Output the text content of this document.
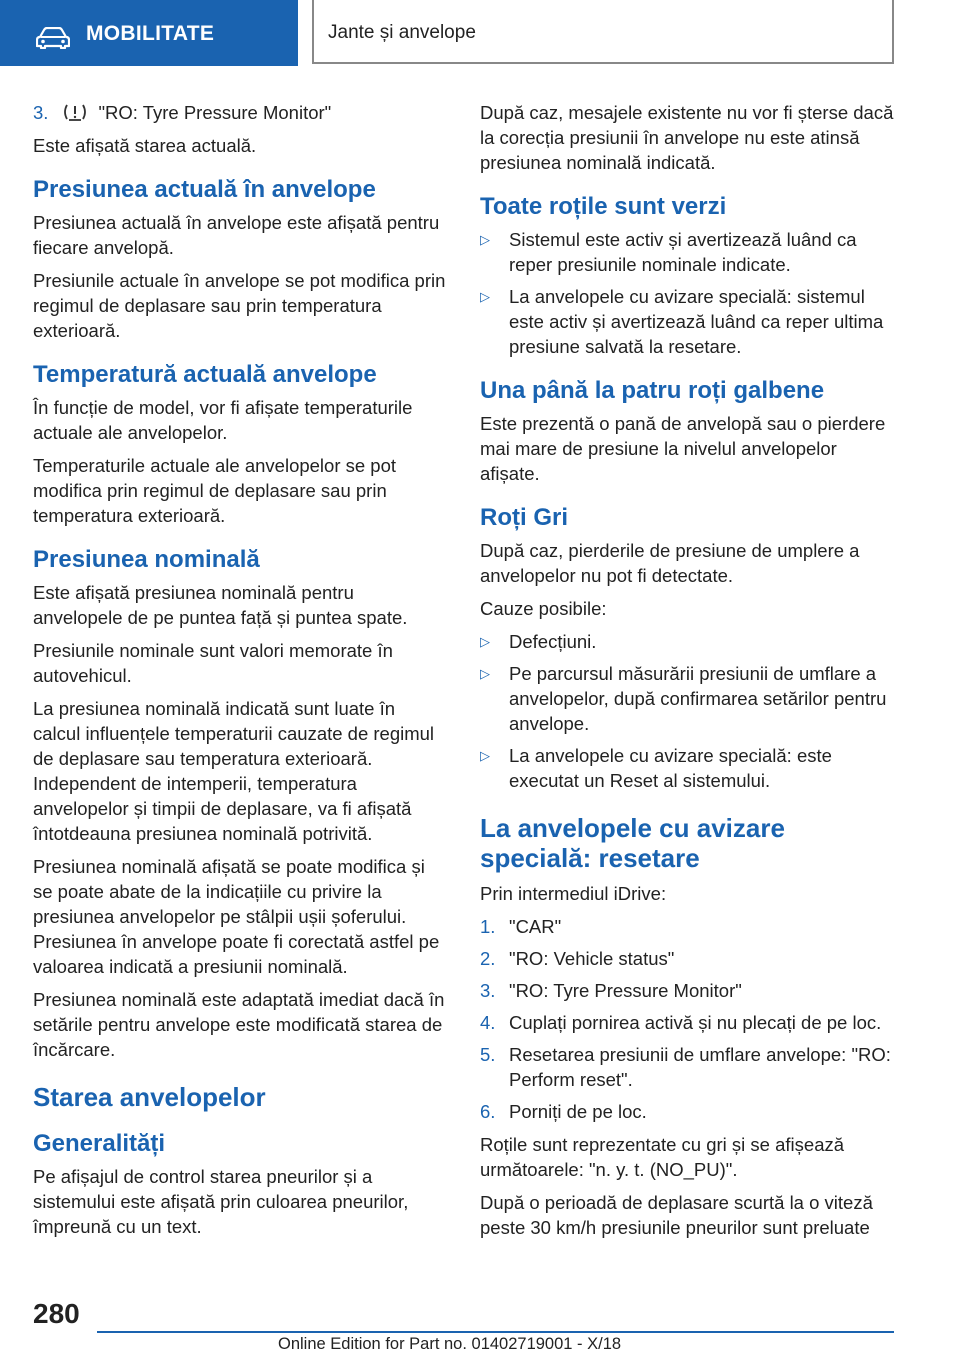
MOBILITATE	Jante și anvelope
3.	"RO: Tyre Pressure Monitor"

Este afișată starea actuală.

Presiunea actuală în anvelope

Presiunea actuală în anvelope este afișată pentru fiecare anvelopă.

Presiunile actuale în anvelope se pot modifica prin regimul de deplasare sau prin temperatura exterioară.

Temperatură actuală anvelope

În funcție de model, vor fi afișate temperaturile actuale ale anvelopelor.

Temperaturile actuale ale anvelopelor se pot modifica prin regimul de deplasare sau prin temperatura exterioară.

Presiunea nominală

Este afișată presiunea nominală pentru anvelopele de pe puntea față și puntea spate.

Presiunile nominale sunt valori memorate în autovehicul.

La presiunea nominală indicată sunt luate în calcul influențele temperaturii cauzate de regimul de deplasare sau temperatura exterioară. Independent de intemperii, temperatura anvelopelor și timpii de deplasare, va fi afișată întotdeauna presiunea nominală potrivită.

Presiunea nominală afișată se poate modifica și se poate abate de la indicațiile cu privire la presiunea anvelopelor pe stâlpii ușii șoferului. Presiunea în anvelope poate fi corectată astfel pe valoarea indicată a presiunii nominală.

Presiunea nominală este adaptată imediat dacă în setările pentru anvelope este modificată starea de încărcare.

Starea anvelopelor
Generalități

Pe afișajul de control starea pneurilor și a sistemului este afișată prin culoarea pneurilor, împreună cu un text.

După caz, mesajele existente nu vor fi șterse dacă la corecția presiunii în anvelope nu este atinsă presiunea nominală indicată.

Toate roțile sunt verzi
▷ Sistemul este activ și avertizează luând ca reper presiunile nominale indicate.
▷ La anvelopele cu avizare specială: sistemul este activ și avertizează luând ca reper ultima presiune salvată la resetare.
Una până la patru roți galbene

Este prezentă o pană de anvelopă sau o pierdere mai mare de presiune la nivelul anvelopelor afișate.

Roți Gri

După caz, pierderile de presiune de umplere a anvelopelor nu pot fi detectate.

Cauze posibile:

▷ Defecțiuni.
▷ Pe parcursul măsurării presiunii de umflare a anvelopelor, după confirmarea setărilor pentru anvelope.
▷ La anvelopele cu avizare specială: este executat un Reset al sistemului.
La anvelopele cu avizare specială: resetare

Prin intermediul iDrive:

1. "CAR"
2. "RO: Vehicle status"
3. "RO: Tyre Pressure Monitor"
4. Cuplați pornirea activă și nu plecați de pe loc.
5. Resetarea presiunii de umflare anvelope: "RO: Perform reset".
6. Porniți de pe loc.

Roțile sunt reprezentate cu gri și se afișează următoarele: "n. y. t. (NO_PU)".

După o perioadă de deplasare scurtă la o viteză peste 30 km/h presiunile pneurilor sunt preluate

280
Online Edition for Part no. 01402719001 - X/18
